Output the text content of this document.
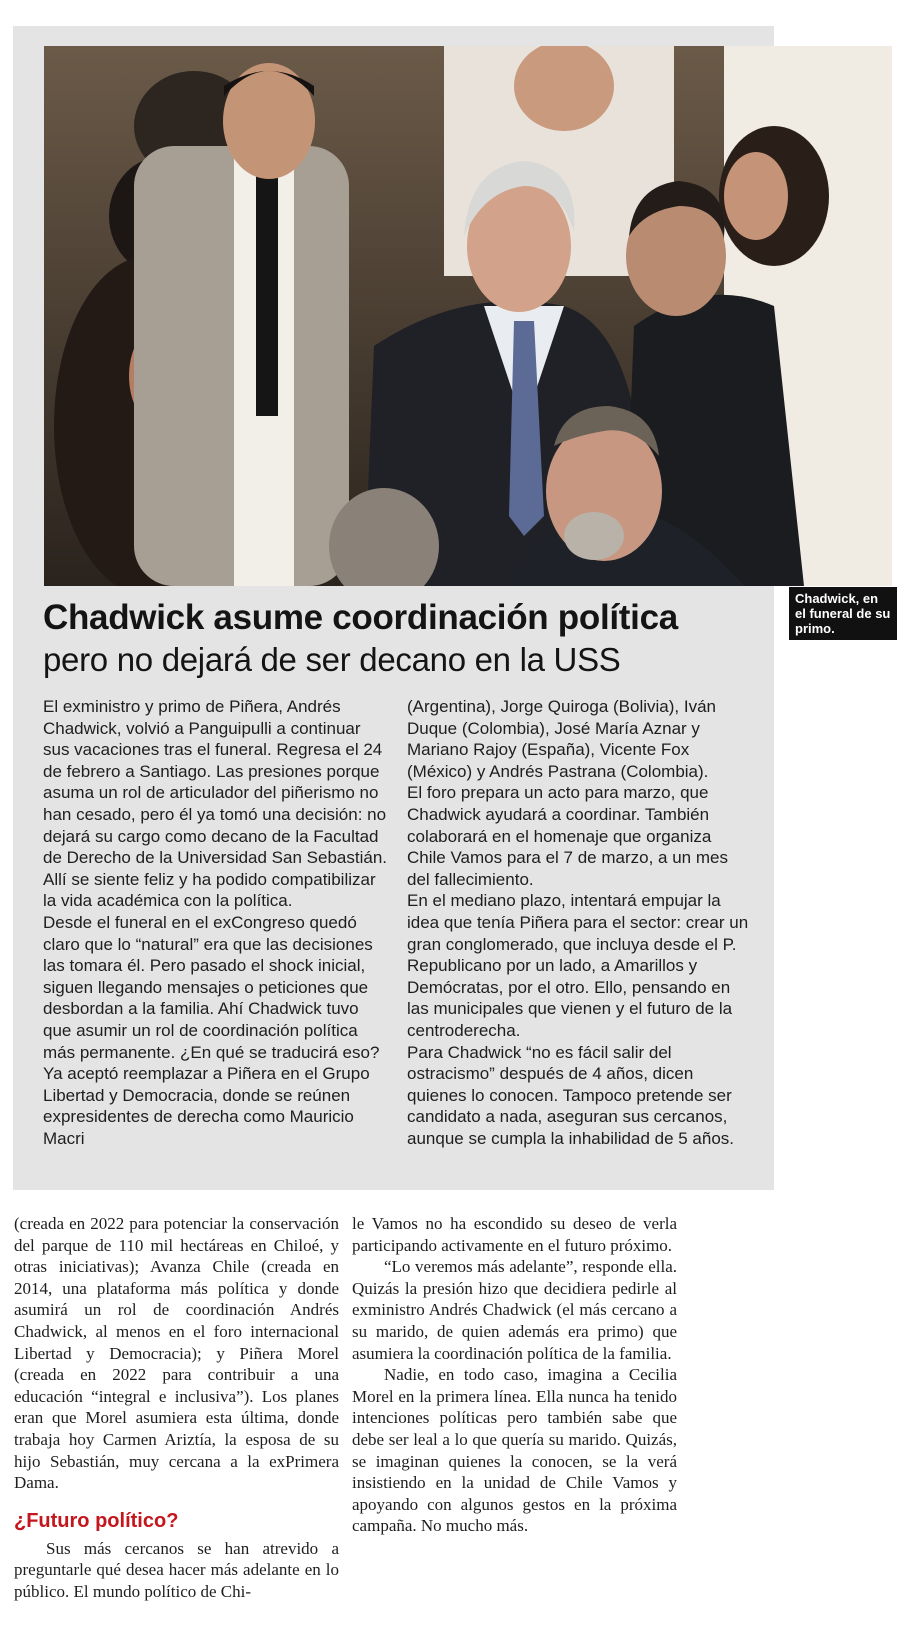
Chadwick, en el funeral de su primo.
Chadwick asume coordinación política
pero no dejará de ser decano en la USS

El exministro y primo de Piñera, Andrés Chadwick, volvió a Panguipulli a continuar sus vacaciones tras el funeral. Regresa el 24 de febrero a Santiago. Las presiones porque asuma un rol de articulador del piñerismo no han cesado, pero él ya tomó una decisión: no dejará su cargo como decano de la Facultad de Derecho de la Universidad San Sebastián. Allí se siente feliz y ha podido compatibilizar la vida académica con la política.

Desde el funeral en el exCongreso quedó claro que lo “natural” era que las decisiones las tomara él. Pero pasado el shock inicial, siguen llegando mensajes o peticiones que desbordan a la familia. Ahí Chadwick tuvo que asumir un rol de coordinación política más permanente. ¿En qué se traducirá eso? Ya aceptó reemplazar a Piñera en el Grupo Libertad y Democracia, donde se reúnen expresidentes de derecha como Mauricio Macri

(Argentina), Jorge Quiroga (Bolivia), Iván Duque (Colombia), José María Aznar y Mariano Rajoy (España), Vicente Fox (México) y Andrés Pastrana (Colombia).

El foro prepara un acto para marzo, que Chadwick ayudará a coordinar. También colaborará en el homenaje que organiza Chile Vamos para el 7 de marzo, a un mes del fallecimiento.

En el mediano plazo, intentará empujar la idea que tenía Piñera para el sector: crear un gran conglomerado, que incluya desde el P. Republicano por un lado, a Amarillos y Demócratas, por el otro. Ello, pensando en las municipales que vienen y el futuro de la centroderecha.

Para Chadwick “no es fácil salir del ostracismo” después de 4 años, dicen quienes lo conocen. Tampoco pretende ser candidato a nada, aseguran sus cercanos, aunque se cumpla la inhabilidad de 5 años.

(creada en 2022 para potenciar la conservación del parque de 110 mil hectáreas en Chiloé, y otras iniciativas); Avanza Chile (creada en 2014, una plataforma más política y donde asumirá un rol de coordinación Andrés Chadwick, al menos en el foro internacional Libertad y Democracia); y Piñera Morel (creada en 2022 para contribuir a una educación “integral e inclusiva”). Los planes eran que Morel asumiera esta última, donde trabaja hoy Carmen Ariztía, la esposa de su hijo Sebastián, muy cercana a la exPrimera Dama.

¿Futuro político?

Sus más cercanos se han atrevido a preguntarle qué desea hacer más adelante en lo público. El mundo político de Chi-

le Vamos no ha escondido su deseo de verla participando activamente en el futuro próximo.

“Lo veremos más adelante”, responde ella. Quizás la presión hizo que decidiera pedirle al exministro Andrés Chadwick (el más cercano a su marido, de quien además era primo) que asumiera la coordinación política de la familia.

Nadie, en todo caso, imagina a Cecilia Morel en la primera línea. Ella nunca ha tenido intenciones políticas pero también sabe que debe ser leal a lo que quería su marido. Quizás, se imaginan quienes la conocen, se la verá insistiendo en la unidad de Chile Vamos y apoyando con algunos gestos en la próxima campaña. No mucho más.
